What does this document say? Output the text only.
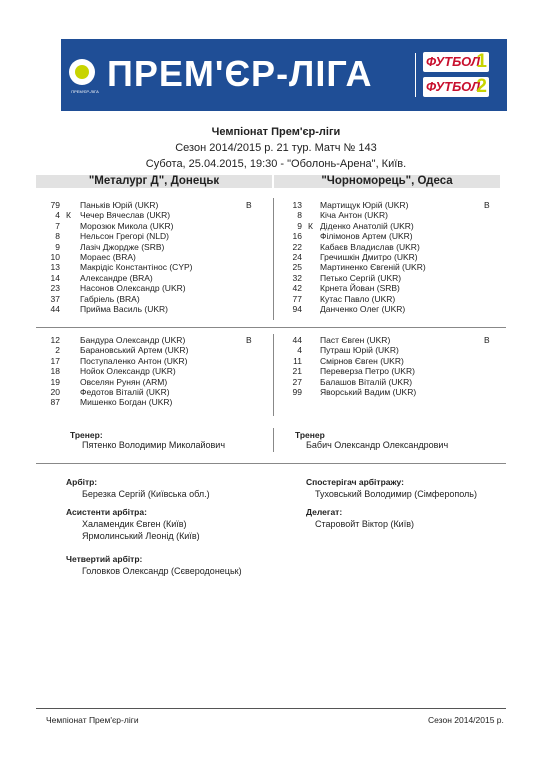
ПРЕМ'ЄР-ЛІГА ПРЕМ'ЄР-ЛІГА	ФУТБОЛ
1
ФУТБОЛ
2
Чемпіонат Прем'єр-ліги
Сезон 2014/2015 р. 21 тур. Матч № 143
Субота, 25.04.2015, 19:30 - "Оболонь-Арена", Київ.
"Металург Д", Донецьк	"Чорноморець", Одеса
79 Паньків Юрій (UKR)	В
4 К Чечер Вячеслав (UKR)
7 Морозюк Микола (UKR)
8 Нельсон Грегорі (NLD)
9 Лазіч Джордже (SRB)
10 Мораес (BRA)
13 Макрідіс Константінос (CYP)
14 Александре (BRA)
23 Насонов Олександр (UKR)
37 Габріель (BRA)
44 Прийма Василь (UKR)
13 Мартищук Юрій (UKR)	В
8 Кіча Антон (UKR)
9 К Діденко Анатолій (UKR)
16 Філімонов Артем (UKR)
22 Кабаєв Владислав (UKR)
24 Гречишкін Дмитро (UKR)
25 Мартиненко Євгеній (UKR)
32 Петько Сергій (UKR)
42 Крнета Йован (SRB)
77 Кутас Павло (UKR)
94 Данченко Олег (UKR)
12 Бандура Олександр (UKR)	В
2 Барановський Артем (UKR)
17 Поступаленко Антон (UKR)
18 Нойок Олександр (UKR)
19 Овселян Рунян (ARM)
20 Федотов Віталій (UKR)
87 Мишенко Богдан (UKR)
44 Паст Євген (UKR)	В
4 Путраш Юрій (UKR)
11 Смірнов Євген (UKR)
21 Переверза Петро (UKR)
27 Балашов Віталій (UKR)
99 Яворський Вадим (UKR)
Тренер:
Пятенко Володимир Миколайович
Тренер
Бабич Олександр Олександрович
Арбітр:
Березка Сергій (Київська обл.)
Асистенти арбітра:
Халамендик Євген (Київ)
Ярмолинський Леонід (Київ)
Четвертий арбітр:
Головков Олександр (Сєверодонецьк)
Спостерігач арбітражу:
Туховський Володимир (Сімферополь)
Делегат:
Старовойт Віктор (Київ)
Чемпіонат Прем'єр-ліги	Сезон 2014/2015 р.
